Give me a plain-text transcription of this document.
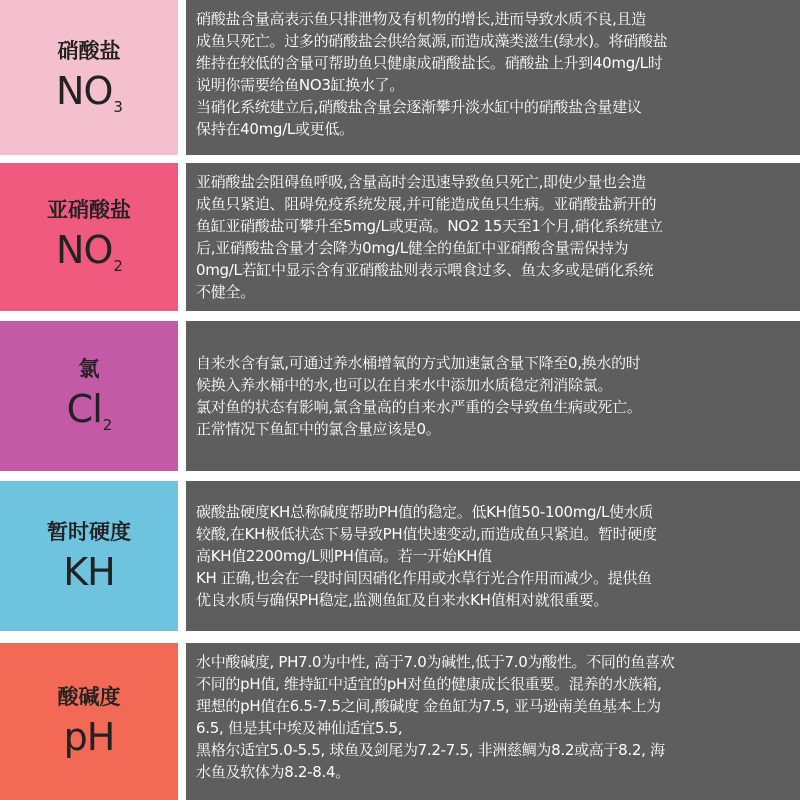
硝酸盐
$NO_3$

硝酸盐含量高表示鱼只排泄物及有机物的增长,进而导致水质不良,且造

成鱼只死亡。过多的硝酸盐会供给氮源,而造成藻类滋生(绿水)。将硝酸盐

维持在较低的含量可帮助鱼只健康成硝酸盐长。硝酸盐上升到40mg/L时

说明你需要给鱼NO3缸换水了。

当硝化系统建立后,硝酸盐含量会逐渐攀升淡水缸中的硝酸盐含量建议

保持在40mg/L或更低。

亚硝酸盐
$NO_2$

亚硝酸盐会阻碍鱼呼吸,含量高时会迅速导致鱼只死亡,即使少量也会造

成鱼只紧迫、阻碍免疫系统发展,并可能造成鱼只生病。亚硝酸盐新开的

鱼缸亚硝酸盐可攀升至5mg/L或更高。NO2 15天至1个月,硝化系统建立

后,亚硝酸盐含量才会降为0mg/L健全的鱼缸中亚硝酸含量需保持为

0mg/L若缸中显示含有亚硝酸盐则表示喂食过多、鱼太多或是硝化系统

不健全。

氯
$Cl_2$

自来水含有氯,可通过养水桶增氧的方式加速氯含量下降至0,换水的时

候换入养水桶中的水,也可以在自来水中添加水质稳定剂消除氯。

氯对鱼的状态有影响,氯含量高的自来水严重的会导致鱼生病或死亡。

正常情况下鱼缸中的氯含量应该是0。

暂时硬度
KH

碳酸盐硬度KH总称碱度帮助PH值的稳定。低KH值50-100mg/L使水质

较酸,在KH极低状态下易导致PH值快速变动,而造成鱼只紧迫。暂时硬度

高KH值2200mg/L则PH值高。若一开始KH值

KH 正确,也会在一段时间因硝化作用或水草行光合作用而减少。提供鱼

优良水质与确保PH稳定,监测鱼缸及自来水KH值相对就很重要。

酸碱度
pH

水中酸碱度, PH7.0为中性, 高于7.0为碱性,低于7.0为酸性。不同的鱼喜欢

不同的pH值, 维持缸中适宜的pH对鱼的健康成长很重要。混养的水族箱,

理想的pH值在6.5-7.5之间,酸碱度 金鱼缸为7.5, 亚马逊南美鱼基本上为

6.5, 但是其中埃及神仙适宜5.5,

黑格尔适宜5.0-5.5, 球鱼及剑尾为7.2-7.5, 非洲慈鲷为8.2或高于8.2, 海

水鱼及软体为8.2-8.4。
